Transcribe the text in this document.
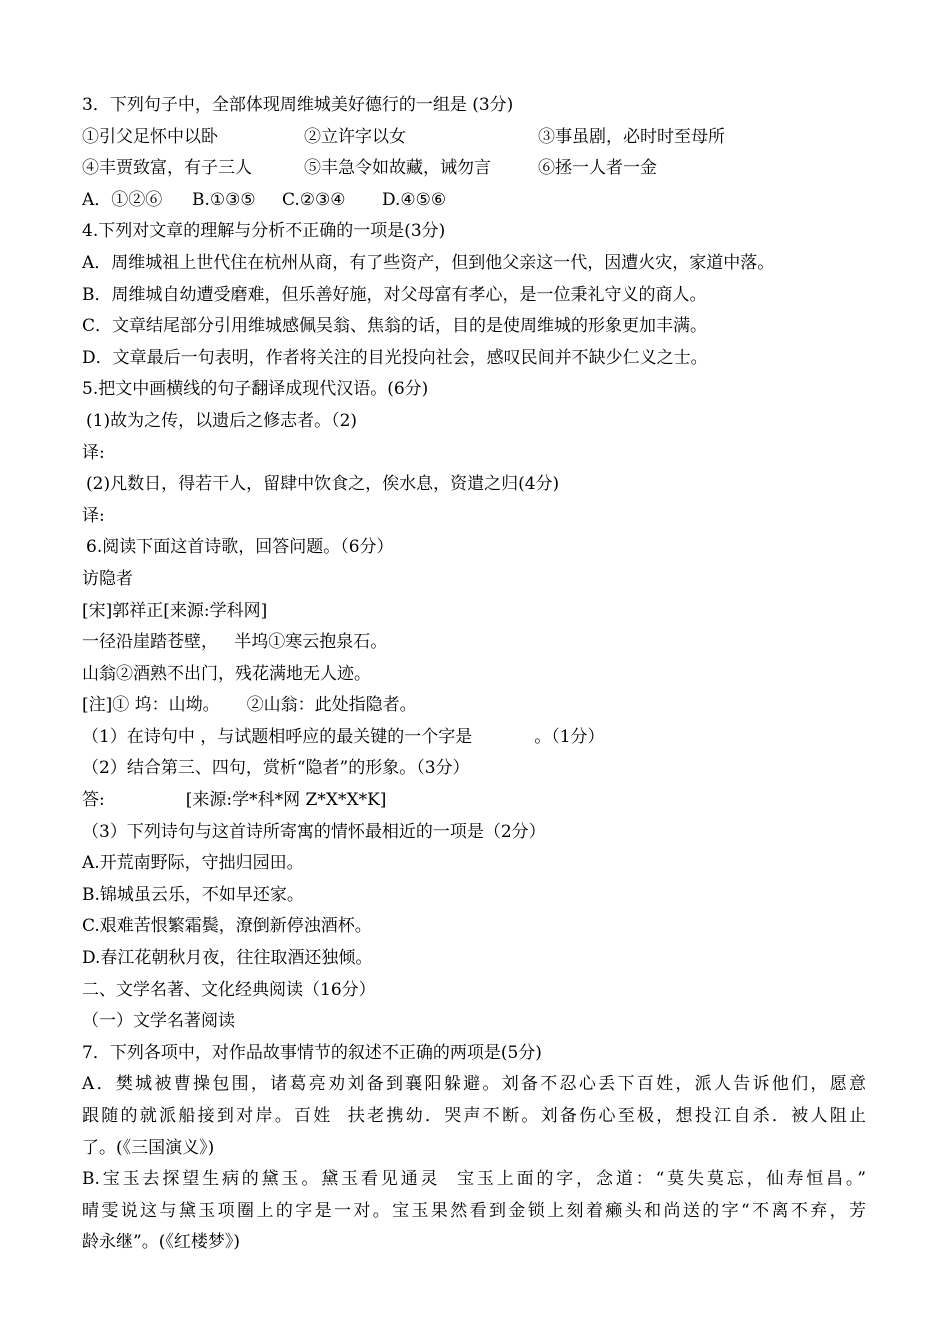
3．下列句子中，全部体现周维城美好德行的一组是 (3分)
①引父足怀中以卧	②立许字以女	③事虽剧，必时时至母所
④丰贾致富，有子三人	⑤丰急令如故藏，诫勿言	⑥拯一人者一金
A．①②⑥	B.①③⑤	C.②③④	D.④⑤⑥
4.下列对文章的理解与分析不正确的一项是(3分)
A．周维城祖上世代住在杭州从商，有了些资产，但到他父亲这一代，因遭火灾，家道中落。
B．周维城自幼遭受磨难，但乐善好施，对父母富有孝心，是一位秉礼守义的商人。
C．文章结尾部分引用维城感佩吴翁、焦翁的话，目的是使周维城的形象更加丰满。
D．文章最后一句表明，作者将关注的目光投向社会，感叹民间并不缺少仁义之士。
5.把文中画横线的句子翻译成现代汉语。(6分)
(1)故为之传，以遗后之修志者。（2)
译:
(2)凡数日，得若干人，留肆中饮食之，俟水息，资遣之归(4分)
译:
6.阅读下面这首诗歌，回答问题。（6分）
访隐者
[宋]郭祥正[来源:学科网]
一径沿崖踏苍壁，   半坞①寒云抱泉石。
山翁②酒熟不出门，残花满地无人迹。
[注]① 坞：山坳。     ②山翁：此处指隐者。
（1）在诗句中 ，与试题相呼应的最关键的一个字是	。（1分）
（2）结合第三、四句，赏析“隐者”的形象。（3分）
答:               [来源:学*科*网 Z*X*X*K]
（3）下列诗句与这首诗所寄寓的情怀最相近的一项是（2分）
A.开荒南野际，守拙归园田。
B.锦城虽云乐，不如早还家。
C.艰难苦恨繁霜鬓，潦倒新停浊酒杯。
D.春江花朝秋月夜，往往取酒还独倾。
二、文学名著、文化经典阅读（16分）
（一）文学名著阅读
7．下列各项中，对作品故事情节的叙述不正确的两项是(5分)
A．樊城被曹操包围，诸葛亮劝刘备到襄阳躲避。刘备不忍心丢下百姓，派人告诉他们，愿意
跟随的就派船接到对岸。百姓  扶老携幼．哭声不断。刘备伤心至极，想投江自杀．被人阻止
了。(《三国演义》)
B.宝玉去探望生病的黛玉。黛玉看见通灵  宝玉上面的字，念道：“莫失莫忘，仙寿恒昌。”
晴雯说这与黛玉项圈上的字是一对。宝玉果然看到金锁上刻着癞头和尚送的字“不离不弃，芳
龄永继”。(《红楼梦》)
